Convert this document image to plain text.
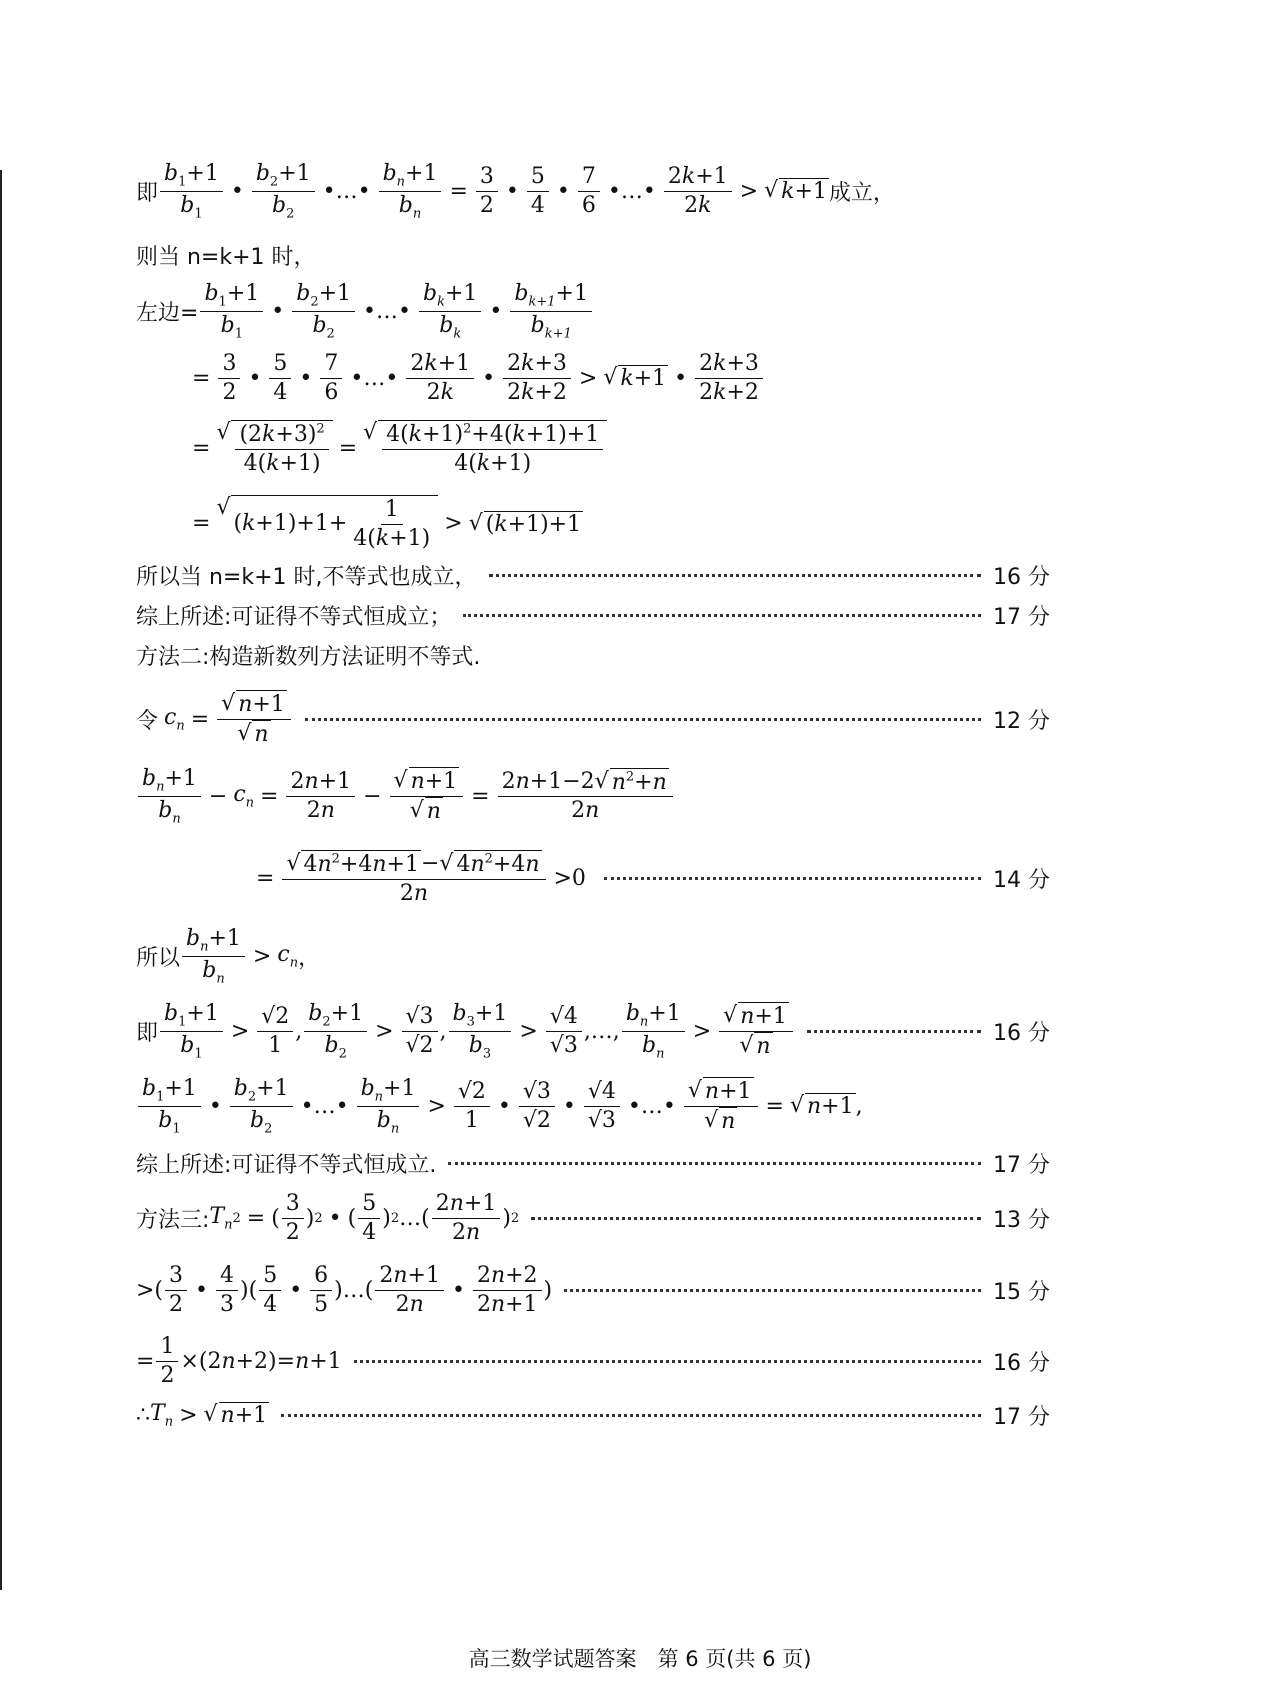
即 $\frac{b_1+1}{b_1}$ • $\frac{b_2+1}{b_2}$ •…• $\frac{b_n+1}{b_n} = \frac{3}{2}$ • $\frac{5}{4}$ • $\frac{7}{6}$ •…• $\frac{2k+1}{2k}$ > √ k+1 成立，
则当 n=k+1 时，
左边= $\frac{b_1+1}{b_1}$ • $\frac{b_2+1}{b_2}$ •…• $\frac{b_k+1}{b_k}$ • $\frac{b_{k+1}+1}{b_{k+1}}$
= $\frac{3}{2}$ • $\frac{5}{4}$ • $\frac{7}{6}$ •…• $\frac{2k+1}{2k}$ • $\frac{2k+3}{2k+2}$ > √ k+1 • $\frac{2k+3}{2k+2}$
=
√ $\frac{(2k+3)^2}{4(k+1)}$ =
√ $\frac{4(k+1)^2+4(k+1)+1}{4(k+1)}$
=
√
$(k+1)+1+ \frac{1}{4(k+1)}$ > √ (k+1)+1
所以当 n=k+1 时,不等式也成立，	16 分
综上所述:可证得不等式恒成立；	17 分
方法二:构造新数列方法证明不等式.
令 $c_n = \frac{√ n+1}{√ n}$	12 分
$\frac{b_n+1}{b_n} - c_n = \frac{2n+1}{2n} - \frac{√ n+1}{√ n} = \frac{2n+1-2 √ n^2+n}{2n}$
= $\frac{√ 4n^2+4n+1 - √ 4n^2+4n}{2n} >0$	14 分
所以 $\frac{b_n+1}{b_n} > c_n$ ，
即 $\frac{b_1+1}{b_1} > \frac{√2}{1}$ , $\frac{b_2+1}{b_2} > \frac{√3}{√2}$ , $\frac{b_3+1}{b_3} > \frac{√4}{√3}$ ,…, $\frac{b_n+1}{b_n} > \frac{√ n+1}{√ n}$	16 分
$\frac{b_1+1}{b_1}$ • $\frac{b_2+1}{b_2}$ •…• $\frac{b_n+1}{b_n} > \frac{√2}{1}$ • $\frac{√3}{√2}$ • $\frac{√4}{√3}$ •…• $\frac{√ n+1}{√ n}$ = √ n+1 ,
综上所述:可证得不等式恒成立.	17 分
方法三: $T_n$ 2 = ( $\frac{3}{2}$ ) 2 • ( $\frac{5}{4}$ ) 2 …( $\frac{2n+1}{2n}$ ) 2	13 分
>( $\frac{3}{2}$ • $\frac{4}{3}$ )( $\frac{5}{4}$ • $\frac{6}{5}$ )…( $\frac{2n+1}{2n}$ • $\frac{2n+2}{2n+1}$ )	15 分
= $\frac{1}{2} \times(2$ n +2)= n +1	16 分
∴ $T_n$ > √ n+1	17 分
高三数学试题答案　第 6 页(共 6 页)
